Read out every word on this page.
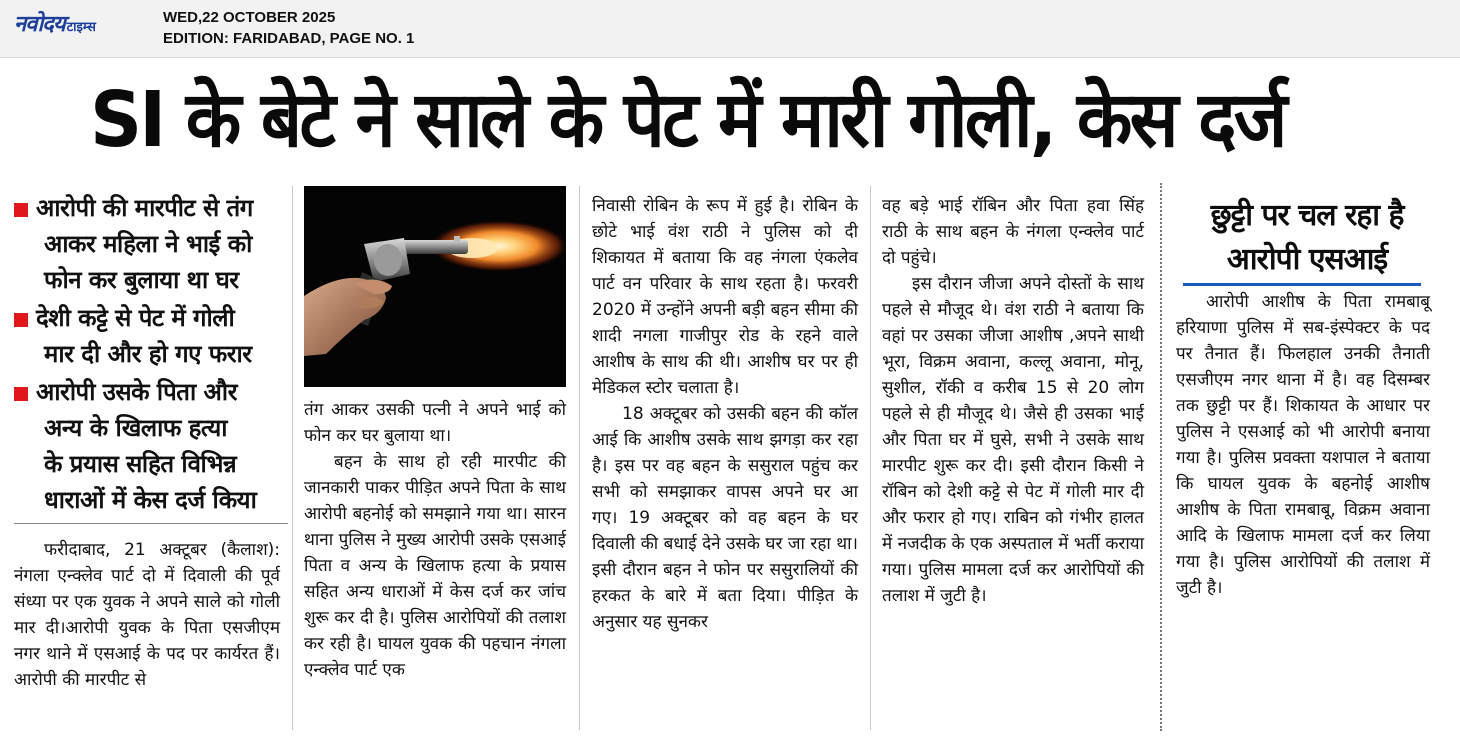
नवोदय टाइम्स
WED,22 OCTOBER 2025
EDITION: FARIDABAD, PAGE NO. 1
SI के बेटे ने साले के पेट में मारी गोली, केस दर्ज
आरोपी की मारपीट से तंग
आकर महिला ने भाई को
फोन कर बुलाया था घर
देशी कट्टे से पेट में गोली
मार दी और हो गए फरार
आरोपी उसके पिता और
अन्य के खिलाफ हत्या
के प्रयास सहित विभिन्न
धाराओं में केस दर्ज किया

फरीदाबाद, 21 अक्टूबर (कैलाश): नंगला एन्क्लेव पार्ट दो में दिवाली की पूर्व संध्या पर एक युवक ने अपने साले को गोली मार दी।आरोपी युवक के पिता एसजीएम नगर थाने में एसआई के पद पर कार्यरत हैं। आरोपी की मारपीट से

तंग आकर उसकी पत्नी ने अपने भाई को फोन कर घर बुलाया था।

बहन के साथ हो रही मारपीट की जानकारी पाकर पीड़ित अपने पिता के साथ आरोपी बहनोई को समझाने गया था। सारन थाना पुलिस ने मुख्य आरोपी उसके एसआई पिता व अन्य के खिलाफ हत्या के प्रयास सहित अन्य धाराओं में केस दर्ज कर जांच शुरू कर दी है। पुलिस आरोपियों की तलाश कर रही है। घायल युवक की पहचान नंगला एन्क्लेव पार्ट एक

निवासी रोबिन के रूप में हुई है। रोबिन के छोटे भाई वंश राठी ने पुलिस को दी शिकायत में बताया कि वह नंगला एंकलेव पार्ट वन परिवार के साथ रहता है। फरवरी 2020 में उन्होंने अपनी बड़ी बहन सीमा की शादी नगला गाजीपुर रोड के रहने वाले आशीष के साथ की थी। आशीष घर पर ही मेडिकल स्टोर चलाता है।

18 अक्टूबर को उसकी बहन की कॉल आई कि आशीष उसके साथ झगड़ा कर रहा है। इस पर वह बहन के ससुराल पहुंच कर सभी को समझाकर वापस अपने घर आ गए। 19 अक्टूबर को वह बहन के घर दिवाली की बधाई देने उसके घर जा रहा था। इसी दौरान बहन ने फोन पर ससुरालियों की हरकत के बारे में बता दिया। पीड़ित के अनुसार यह सुनकर

वह बड़े भाई रॉबिन और पिता हवा सिंह राठी के साथ बहन के नंगला एन्क्लेव पार्ट दो पहुंचे।

इस दौरान जीजा अपने दोस्तों के साथ पहले से मौजूद थे। वंश राठी ने बताया कि वहां पर उसका जीजा आशीष ,अपने साथी भूरा, विक्रम अवाना, कल्लू अवाना, मोनू, सुशील, रॉकी व करीब 15 से 20 लोग पहले से ही मौजूद थे। जैसे ही उसका भाई और पिता घर में घुसे, सभी ने उसके साथ मारपीट शुरू कर दी। इसी दौरान किसी ने रॉबिन को देशी कट्टे से पेट में गोली मार दी और फरार हो गए। राबिन को गंभीर हालत में नजदीक के एक अस्पताल में भर्ती कराया गया। पुलिस मामला दर्ज कर आरोपियों की तलाश में जुटी है।

छुट्टी पर चल रहा है
आरोपी एसआई

आरोपी आशीष के पिता रामबाबू हरियाणा पुलिस में सब-इंस्पेक्टर के पद पर तैनात हैं। फिलहाल उनकी तैनाती एसजीएम नगर थाना में है। वह दिसम्बर तक छुट्टी पर हैं। शिकायत के आधार पर पुलिस ने एसआई को भी आरोपी बनाया गया है। पुलिस प्रवक्ता यशपाल ने बताया कि घायल युवक के बहनोई आशीष आशीष के पिता रामबाबू, विक्रम अवाना आदि के खिलाफ मामला दर्ज कर लिया गया है। पुलिस आरोपियों की तलाश में जुटी है।
